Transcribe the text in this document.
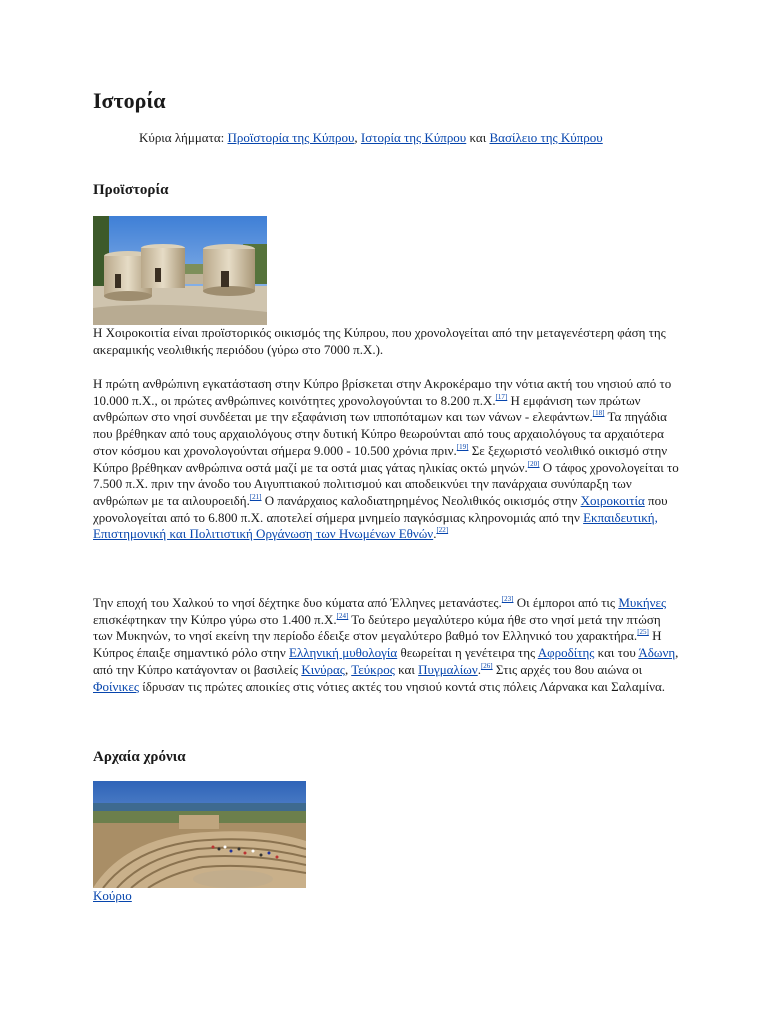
Ιστορία
Κύρια λήμματα: Προϊστορία της Κύπρου, Ιστορία της Κύπρου και Βασίλειο της Κύπρου
Προϊστορία
Η Χοιροκοιτία είναι προϊστορικός οικισμός της Κύπρου, που χρονολογείται από την μεταγενέστερη φάση της ακεραμικής νεολιθικής περιόδου (γύρω στο 7000 π.Χ.).
Η πρώτη ανθρώπινη εγκατάσταση στην Κύπρο βρίσκεται στην Ακροκέραμο την νότια ακτή του νησιού από το 10.000 π.Χ., οι πρώτες ανθρώπινες κοινότητες χρονολογούνται το 8.200 π.Χ.[17] Η εμφάνιση των πρώτων ανθρώπων στο νησί συνδέεται με την εξαφάνιση των ιπποπόταμων και των νάνων - ελεφάντων.[18] Τα πηγάδια που βρέθηκαν από τους αρχαιολόγους στην δυτική Κύπρο θεωρούνται από τους αρχαιολόγους τα αρχαιότερα στον κόσμου και χρονολογούνται σήμερα 9.000 - 10.500 χρόνια πριν.[19] Σε ξεχωριστό νεολιθικό οικισμό στην Κύπρο βρέθηκαν ανθρώπινα οστά μαζί με τα οστά μιας γάτας ηλικίας οκτώ μηνών.[20] Ο τάφος χρονολογείται το 7.500 π.Χ. πριν την άνοδο του Αιγυπτιακού πολιτισμού και αποδεικνύει την πανάρχαια συνύπαρξη των ανθρώπων με τα αιλουροειδή.[21] Ο πανάρχαιος καλοδιατηρημένος Νεολιθικός οικισμός στην Χοιροκοιτία που χρονολογείται από το 6.800 π.Χ. αποτελεί σήμερα μνημείο παγκόσμιας κληρονομιάς από την Εκπαιδευτική, Επιστημονική και Πολιτιστική Οργάνωση των Ηνωμένων Εθνών.[22]
Την εποχή του Χαλκού το νησί δέχτηκε δυο κύματα από Έλληνες μετανάστες.[23] Οι έμποροι από τις Μυκήνες επισκέφτηκαν την Κύπρο γύρω στο 1.400 π.Χ.[24] Το δεύτερο μεγαλύτερο κύμα ήθε στο νησί μετά την πτώση των Μυκηνών, το νησί εκείνη την περίοδο έδειξε στον μεγαλύτερο βαθμό τον Ελληνικό του χαρακτήρα.[25] Η Κύπρος έπαιξε σημαντικό ρόλο στην Ελληνική μυθολογία θεωρείται η γενέτειρα της Αφροδίτης και του Άδωνη, από την Κύπρο κατάγονταν οι βασιλείς Κινύρας, Τεύκρος και Πυγμαλίων.[26] Στις αρχές του 8ου αιώνα οι Φοίνικες ίδρυσαν τις πρώτες αποικίες στις νότιες ακτές του νησιού κοντά στις πόλεις Λάρνακα και Σαλαμίνα.
Αρχαία χρόνια
Κούριο
